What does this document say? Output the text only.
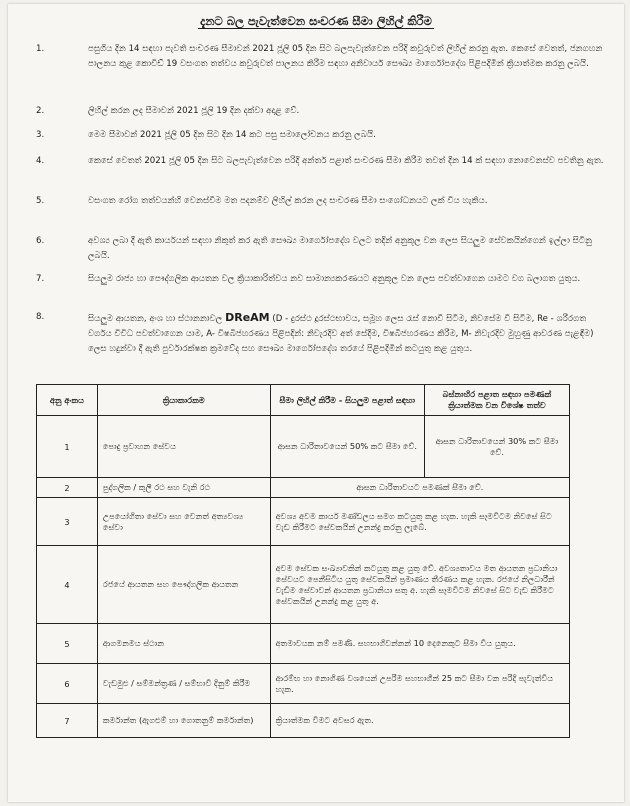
දැනට බල පැවැත්වෙන සංචරණ සීමා ලිහිල් කිරීම
1.	පසුගිය දින 14 සඳහා පැවති සංචරණ සීමාවන් 2021 ජූලි 05 දින සිට බලපැවැත්වෙන පරිදි කවුරුවත් ලිහිල් කරනු ඇත. කෙසේ වෙතත්, ජනගහන පාලනය කුළ කොවිඩ් 19 වසංගත තත්වය කවුරුවත් පාලනය කිරීම සඳහා අනිවාර්ය සෞඛ්‍ය මාර්ගෝපදේශ පිළිපදිමින් ක්‍රියාත්මක කරනු ලබයි.
2.	ලිහිල් කරන ලද සීමාවන් 2021 ජූලි 19 දින දක්වා අදාළ වේ.
3.	මෙම සීමාවන් 2021 ජූලි 05 දින සිට දින 14 කට පසු සමාලෝචනය කරනු ලබයි.
4.	කෙසේ වෙතත් 2021 ජූලි 05 දින සිට බලපැවැත්වෙන පරිදි අන්තර් පළාත් සංචරණ සීමා කිරීම තවත් දින 14 ක් සඳහා නොවෙනස්ව පවතිනු ඇත.
5.	වසංගත රෝග තත්වයන්හි වෙනස්වීම මත පදනම්ව ලිහිල් කරන ලද සංචරණ සීමා සංශෝධනයට ලක් විය හැකිය.
6.	අවශ්‍ය ලබා දී ඇති කාර්යයන් සඳහා නිකුත් කර ඇති සෞඛ්‍ය මාර්ගෝපදේශ වලට තදින් අනුකූල වන ලෙස සියලුම සේවකයින්ගෙන් ඉල්ලා සිටිනු ලබයි.
7.	සියලුම රාජ්‍ය හා පෞද්ගලික ආයතන වල ක්‍රියාකාරිත්වය නව සාමාන්‍යකරණයට අනුකූල වන ලෙස පවත්වාගෙන යාමට වග බලාගත යුතුය.
8.	සියලුම ආයතන, අංශ හා ස්ථානනාවල DReAM (D - දුරස්ථ දූරස්ථභාවය, සමූහ ලෙස රැස් නොවී සිටීම, නිවසේම වී සිටීම, Re - ශරීරගත වර්ගය විවිධ පවත්වාගෙන යාම, A- විෂබීජහරණය පිළිපදින්: නිවැරදිව අත් සේදීම, විෂබීජහරණය කිරීම, M- නිවැරදිව මුහුණු ආවරණ පැළඳීම) ලෙස හදුන්වා දී ඇති පුර්වාරක්ෂක ක්‍රමවේද සහ සෞඛ්‍ය මාර්ගෝපදේශ තරයේ පිළිපදිමින් කටයුතු කළ යුතුය.
අනු අංකය	ක්‍රියාකාරකම	සීමා ලිහිල් කිරීම - සියලුම පළාත් සඳහා	බස්නාහිර පළාත සඳහා පමණක් ක්‍රියාත්මක වන විශේෂ තත්ව
1	පොදු ප්‍රවාහන සේවය	ආසන ධාරිතාවයෙන් 50% කට සීමා වේ.	ආසන ධාරිතාවයෙන් 30% කට සීමා වේ.
2	පුද්ගලික / කුලී රථ සහ වැනි රථ	ආසන ධාරිතාවයට පමණක් සීමා වේ.	
3	උපයෝගිතා සේවා සහ වෙනත් අත්‍යවශ්‍ය සේවා	අවශ්‍ය අවම කාර්ය මණ්ඩලය සමග කටයුතු කළ හැක. හැකි සෑමවිටම නිවසේ සිට වැඩ කිරීමට සේවකයින් උනන්දු කරනු ලැබේ.	
4	රජයේ ආයතන සහ පෞද්ගලික ආයතන	අවම සේවක සංඛ්‍යාවකින් කටයුතු කළ යුතු වේ. අවශ්‍යතාවය මත ආයතන ප්‍රධානියා සේවයට පෙනීසිටිය යුතු සේවකයින් ප්‍රමාණය තීරණය කළ හැක. රජයේ නිලධාරීන් වැඩිම සේවාවන් ආයතන ප්‍රධානියා සතු අ. හැකි සෑමවිටම නිවසේ සිට වැඩ කිරීමට සේවකයින් උනන්දු කළ යුතු අ.	
5	ආගමනමය ස්ථාන	අතමාවයක නම් පමණි. සහභාගිවන්නන් 10 දෙනෙකුට සීමා විය යුතුය.	
6	වැඩමුළු / සම්මන්ත්‍රණ / සම්භාවි දිනුම් කිරීම	ආරම්භ හා නොගිණ වශයෙන් උපරිම සහභාගීන් 25 කට සීමා වන පරිදි පැවැත්විය හැක.	
7	කර්මාන්ත (ඇගළුම් හා ගොතනුම් කර්මාන්ත)	ක්‍රියාත්මක වීමට අවසර ඇත.	
